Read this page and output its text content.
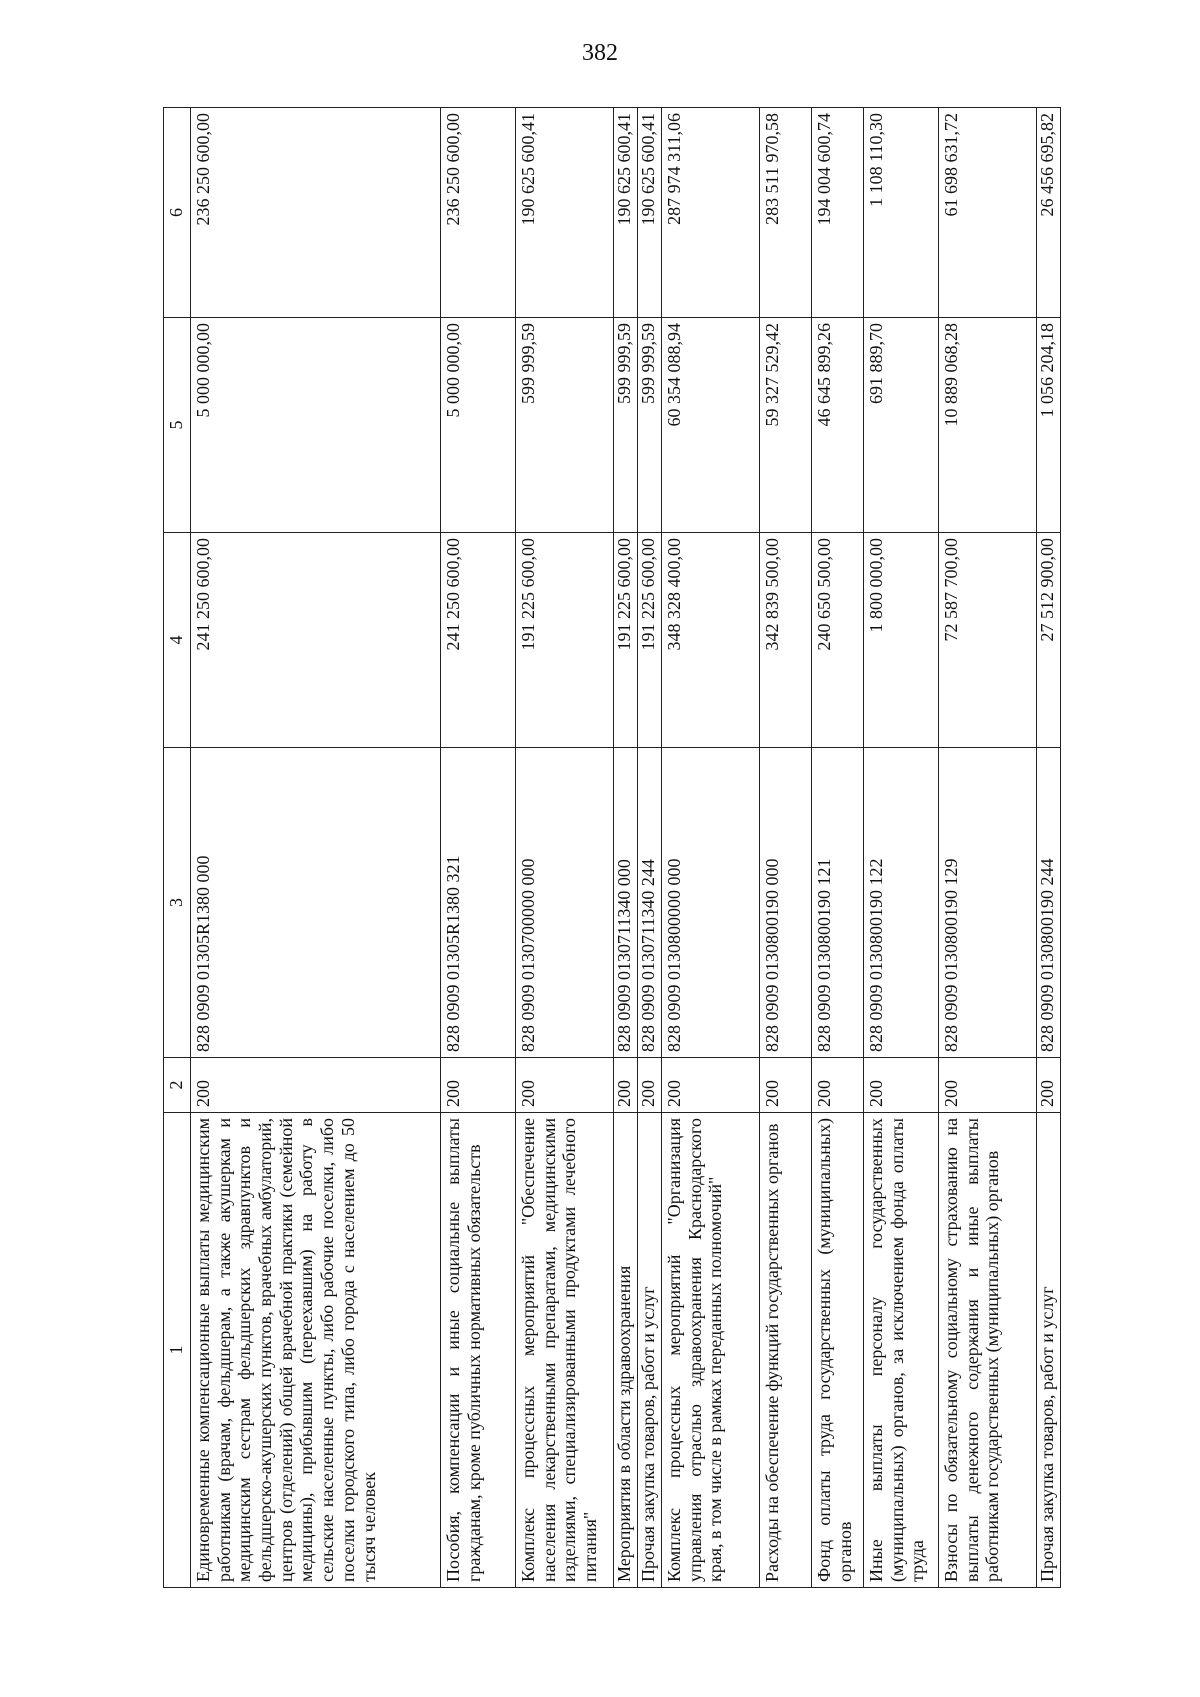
382
1	2	3	4	5	6
Единовременные компенсационные выплаты медицинским работникам (врачам, фельдшерам, а также акушеркам и медицинским сестрам фельдшерских здравпунктов и фельдшерско-акушерских пунктов, врачебных амбулаторий, центров (отделений) общей врачебной практики (семейной медицины), прибывшим (переехавшим) на работу в сельские населенные пункты, либо рабочие поселки, либо поселки городского типа, либо города с населением до 50 тысяч человек	200	828 0909 01305R1380 000	241 250 600,00	5 000 000,00	236 250 600,00
Пособия, компенсации и иные социальные выплаты гражданам, кроме публичных нормативных обязательств	200	828 0909 01305R1380 321	241 250 600,00	5 000 000,00	236 250 600,00
Комплекс процессных мероприятий "Обеспечение населения лекарственными препаратами, медицинскими изделиями, специализированными продуктами лечебного питания"	200	828 0909 0130700000 000	191 225 600,00	599 999,59	190 625 600,41
Мероприятия в области здравоохранения	200	828 0909 0130711340 000	191 225 600,00	599 999,59	190 625 600,41
Прочая закупка товаров, работ и услуг	200	828 0909 0130711340 244	191 225 600,00	599 999,59	190 625 600,41
Комплекс процессных мероприятий "Организация управления отраслью здравоохранения Краснодарского края, в том числе в рамках переданных полномочий"	200	828 0909 0130800000 000	348 328 400,00	60 354 088,94	287 974 311,06
Расходы на обеспечение функций государственных органов	200	828 0909 0130800190 000	342 839 500,00	59 327 529,42	283 511 970,58
Фонд оплаты труда государственных (муниципальных) органов	200	828 0909 0130800190 121	240 650 500,00	46 645 899,26	194 004 600,74
Иные выплаты персоналу государственных (муниципальных) органов, за исключением фонда оплаты труда	200	828 0909 0130800190 122	1 800 000,00	691 889,70	1 108 110,30
Взносы по обязательному социальному страхованию на выплаты денежного содержания и иные выплаты работникам государственных (муниципальных) органов	200	828 0909 0130800190 129	72 587 700,00	10 889 068,28	61 698 631,72
Прочая закупка товаров, работ и услуг	200	828 0909 0130800190 244	27 512 900,00	1 056 204,18	26 456 695,82
